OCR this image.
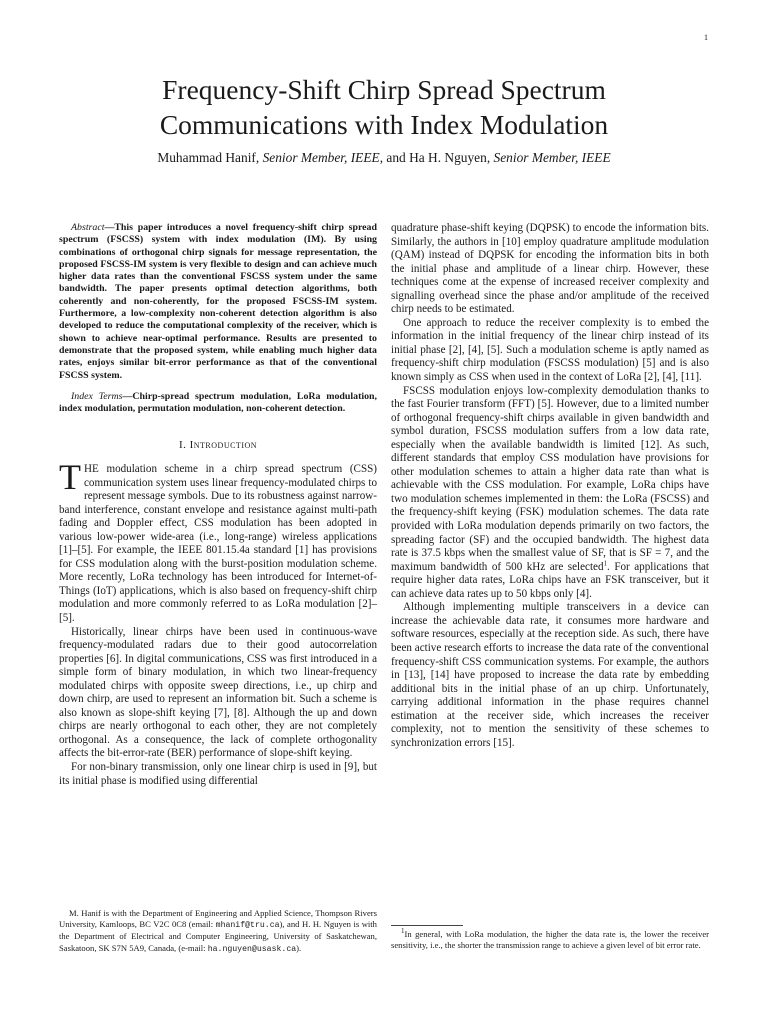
1
Frequency-Shift Chirp Spread Spectrum
Communications with Index Modulation
Muhammad Hanif, Senior Member, IEEE, and Ha H. Nguyen, Senior Member, IEEE

Abstract—This paper introduces a novel frequency-shift chirp spread spectrum (FSCSS) system with index modulation (IM). By using combinations of orthogonal chirp signals for message representation, the proposed FSCSS-IM system is very flexible to design and can achieve much higher data rates than the conventional FSCSS system under the same bandwidth. The paper presents optimal detection algorithms, both coherently and non-coherently, for the proposed FSCSS-IM system. Furthermore, a low-complexity non-coherent detection algorithm is also developed to reduce the computational complexity of the receiver, which is shown to achieve near-optimal performance. Results are presented to demonstrate that the proposed system, while enabling much higher data rates, enjoys similar bit-error performance as that of the conventional FSCSS system.

Index Terms—Chirp-spread spectrum modulation, LoRa modulation, index modulation, permutation modulation, non-coherent detection.

I. Introduction

THE modulation scheme in a chirp spread spectrum (CSS) communication system uses linear frequency-modulated chirps to represent message symbols. Due to its robustness against narrow-band interference, constant envelope and resistance against multi-path fading and Doppler effect, CSS modulation has been adopted in various low-power wide-area (i.e., long-range) wireless applications [1]–[5]. For example, the IEEE 801.15.4a standard [1] has provisions for CSS modulation along with the burst-position modulation scheme. More recently, LoRa technology has been introduced for Internet-of-Things (IoT) applications, which is also based on frequency-shift chirp modulation and more commonly referred to as LoRa modulation [2]–[5].

Historically, linear chirps have been used in continuous-wave frequency-modulated radars due to their good autocorrelation properties [6]. In digital communications, CSS was first introduced in a simple form of binary modulation, in which two linear-frequency modulated chirps with opposite sweep directions, i.e., up chirp and down chirp, are used to represent an information bit. Such a scheme is also known as slope-shift keying [7], [8]. Although the up and down chirps are nearly orthogonal to each other, they are not completely orthogonal. As a consequence, the lack of complete orthogonality affects the bit-error-rate (BER) performance of slope-shift keying.

For non-binary transmission, only one linear chirp is used in [9], but its initial phase is modified using differential

M. Hanif is with the Department of Engineering and Applied Science, Thompson Rivers University, Kamloops, BC V2C 0C8 (email: mhanif@tru.ca), and H. H. Nguyen is with the Department of Electrical and Computer Engineering, University of Saskatchewan, Saskatoon, SK S7N 5A9, Canada, (e-mail: ha.nguyen@usask.ca).

quadrature phase-shift keying (DQPSK) to encode the information bits. Similarly, the authors in [10] employ quadrature amplitude modulation (QAM) instead of DQPSK for encoding the information bits in both the initial phase and amplitude of a linear chirp. However, these techniques come at the expense of increased receiver complexity and signalling overhead since the phase and/or amplitude of the received chirp needs to be estimated.

One approach to reduce the receiver complexity is to embed the information in the initial frequency of the linear chirp instead of its initial phase [2], [4], [5]. Such a modulation scheme is aptly named as frequency-shift chirp modulation (FSCSS modulation) [5] and is also known simply as CSS when used in the context of LoRa [2], [4], [11].

FSCSS modulation enjoys low-complexity demodulation thanks to the fast Fourier transform (FFT) [5]. However, due to a limited number of orthogonal frequency-shift chirps available in given bandwidth and symbol duration, FSCSS modulation suffers from a low data rate, especially when the available bandwidth is limited [12]. As such, different standards that employ CSS modulation have provisions for other modulation schemes to attain a higher data rate than what is achievable with the CSS modulation. For example, LoRa chips have two modulation schemes implemented in them: the LoRa (FSCSS) and the frequency-shift keying (FSK) modulation schemes. The data rate provided with LoRa modulation depends primarily on two factors, the spreading factor (SF) and the occupied bandwidth. The highest data rate is 37.5 kbps when the smallest value of SF, that is SF = 7, and the maximum bandwidth of 500 kHz are selected$^1$. For applications that require higher data rates, LoRa chips have an FSK transceiver, but it can achieve data rates up to 50 kbps only [4].

Although implementing multiple transceivers in a device can increase the achievable data rate, it consumes more hardware and software resources, especially at the reception side. As such, there have been active research efforts to increase the data rate of the conventional frequency-shift CSS communication systems. For example, the authors in [13], [14] have proposed to increase the data rate by embedding additional bits in the initial phase of an up chirp. Unfortunately, carrying additional information in the phase requires channel estimation at the receiver side, which increases the receiver complexity, not to mention the sensitivity of these schemes to synchronization errors [15].

$^1$In general, with LoRa modulation, the higher the data rate is, the lower the receiver sensitivity, i.e., the shorter the transmission range to achieve a given level of bit error rate.
